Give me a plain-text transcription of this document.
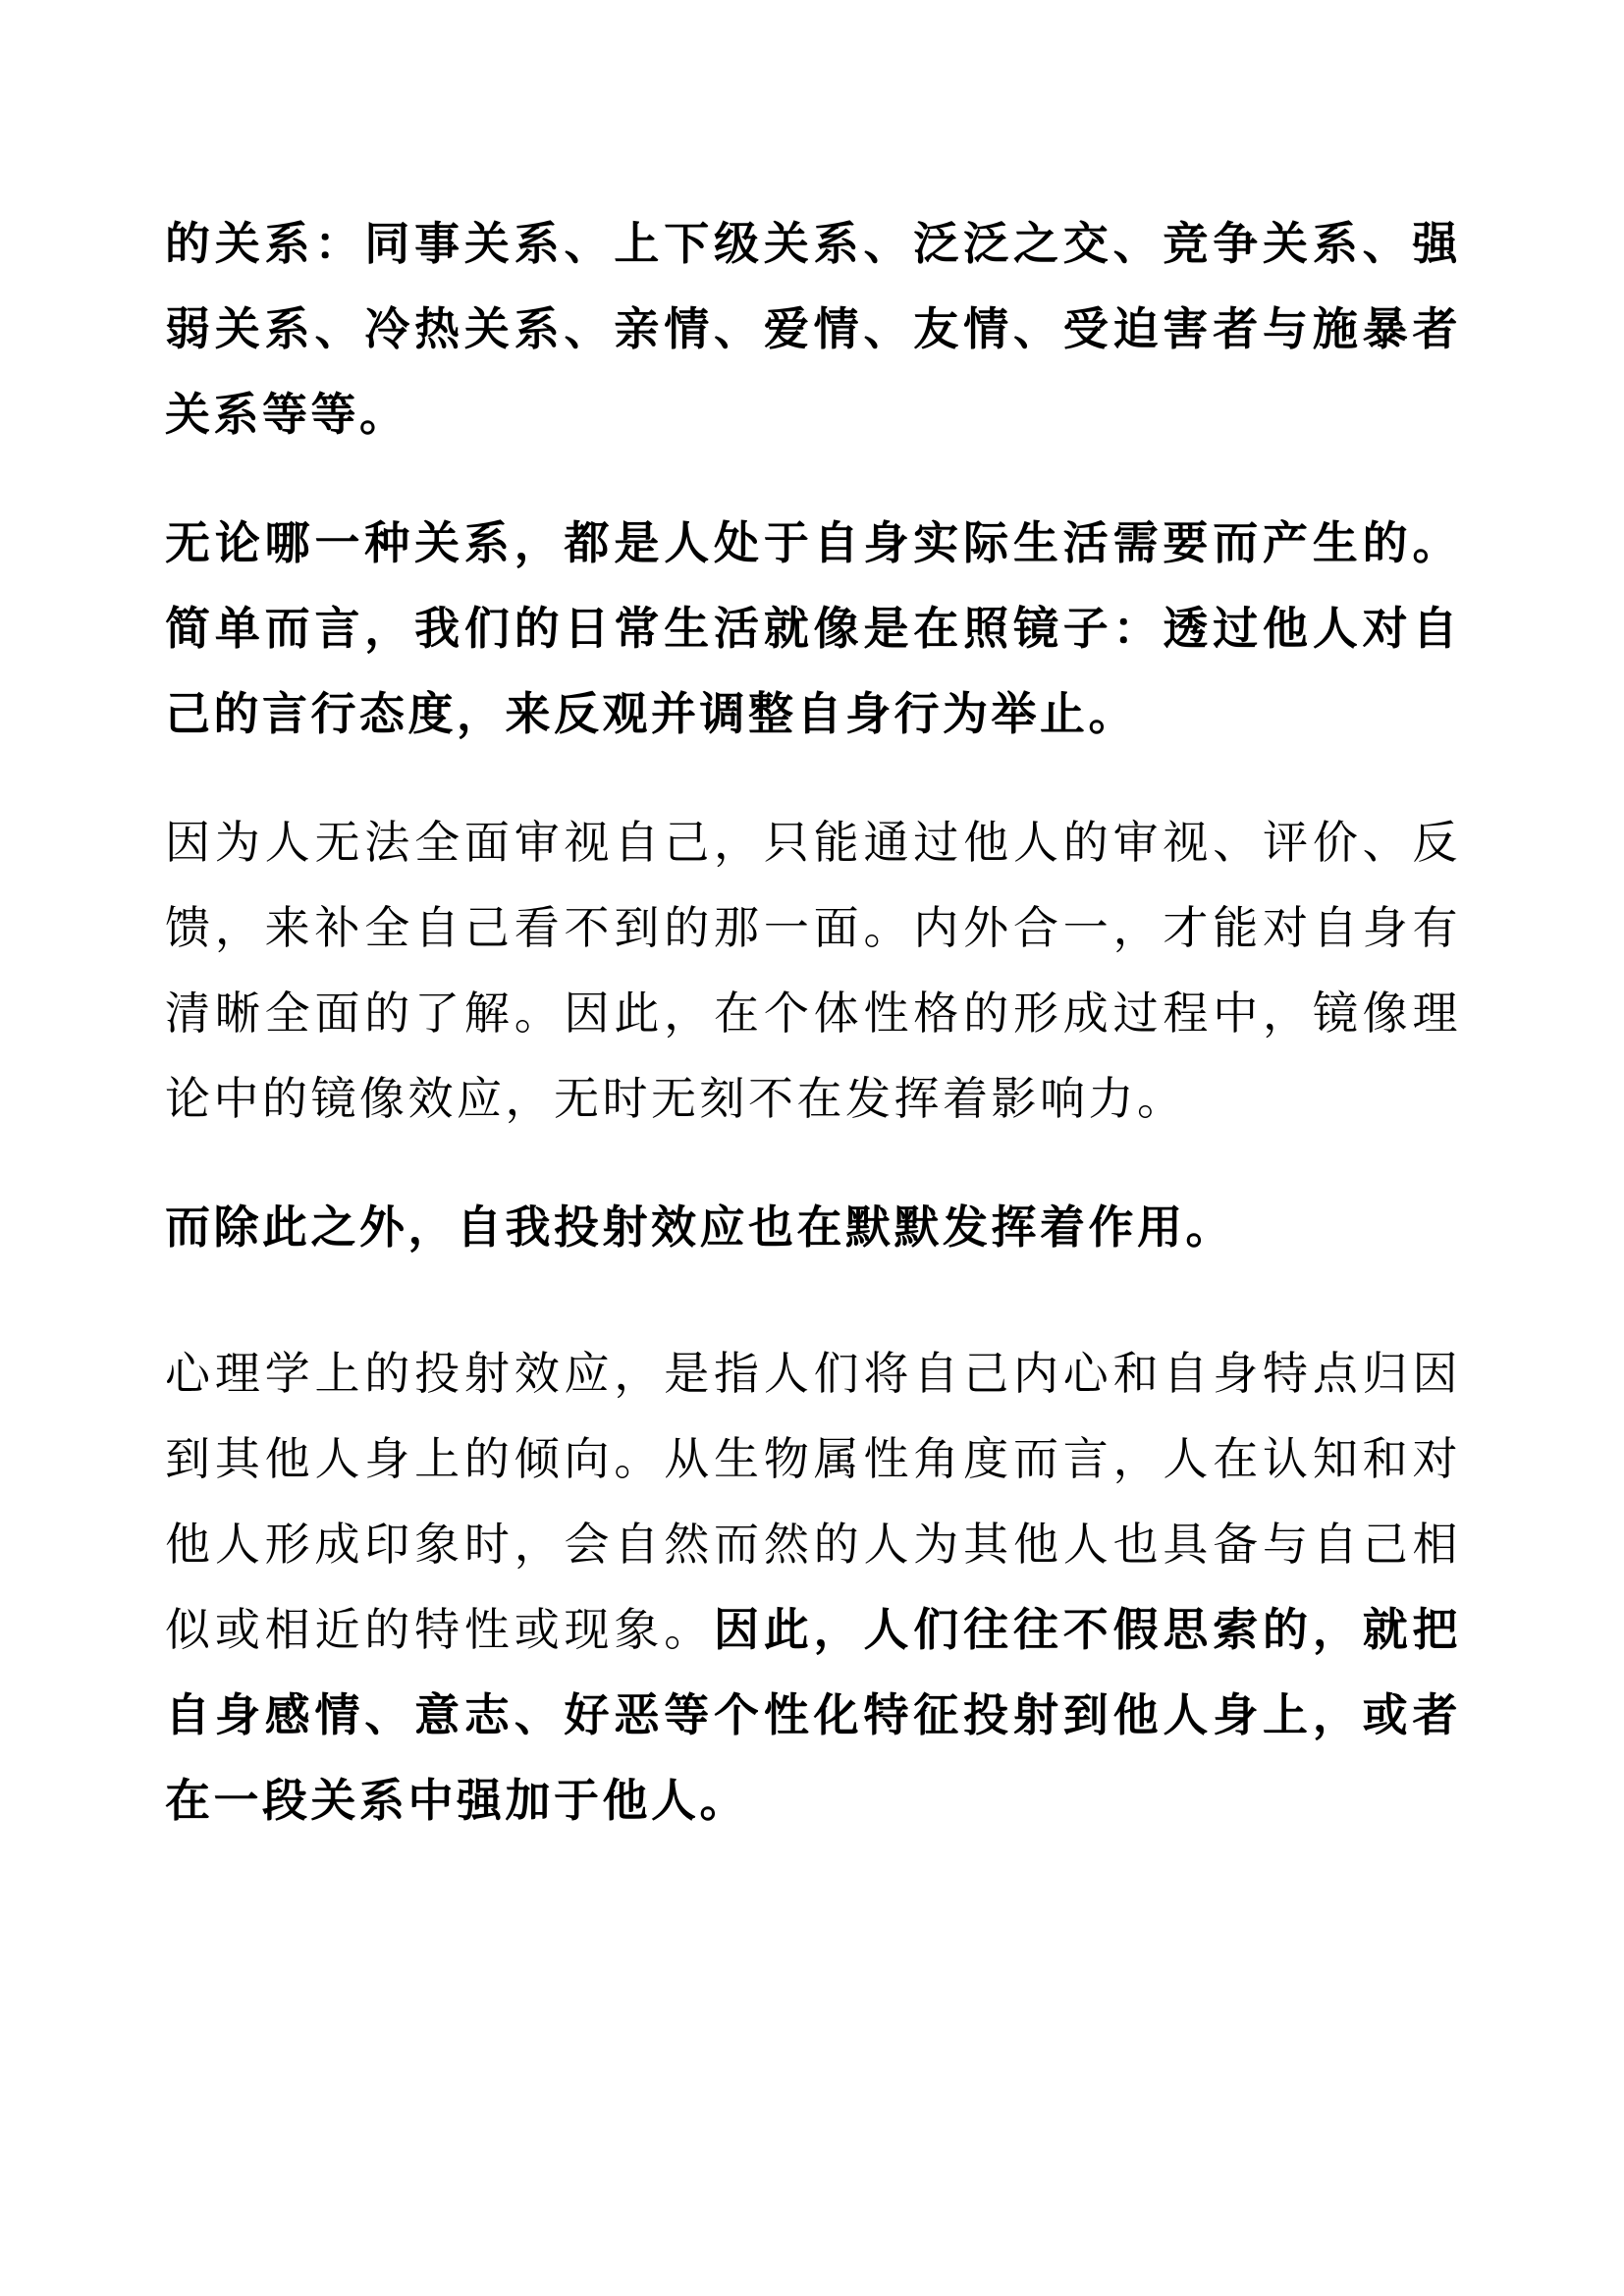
的关系：同事关系、上下级关系、泛泛之交、竞争关系、强弱关系、冷热关系、亲情、爱情、友情、受迫害者与施暴者关系等等。

无论哪一种关系，都是人处于自身实际生活需要而产生的。简单而言，我们的日常生活就像是在照镜子：透过他人对自己的言行态度，来反观并调整自身行为举止。

因为人无法全面审视自己，只能通过他人的审视、评价、反馈，来补全自己看不到的那一面。内外合一，才能对自身有清晰全面的了解。因此，在个体性格的形成过程中，镜像理论中的镜像效应，无时无刻不在发挥着影响力。

而除此之外，自我投射效应也在默默发挥着作用。

心理学上的投射效应，是指人们将自己内心和自身特点归因到其他人身上的倾向。从生物属性角度而言，人在认知和对他人形成印象时，会自然而然的人为其他人也具备与自己相似或相近的特性或现象。因此，人们往往不假思索的，就把自身感情、意志、好恶等个性化特征投射到他人身上，或者在一段关系中强加于他人。
